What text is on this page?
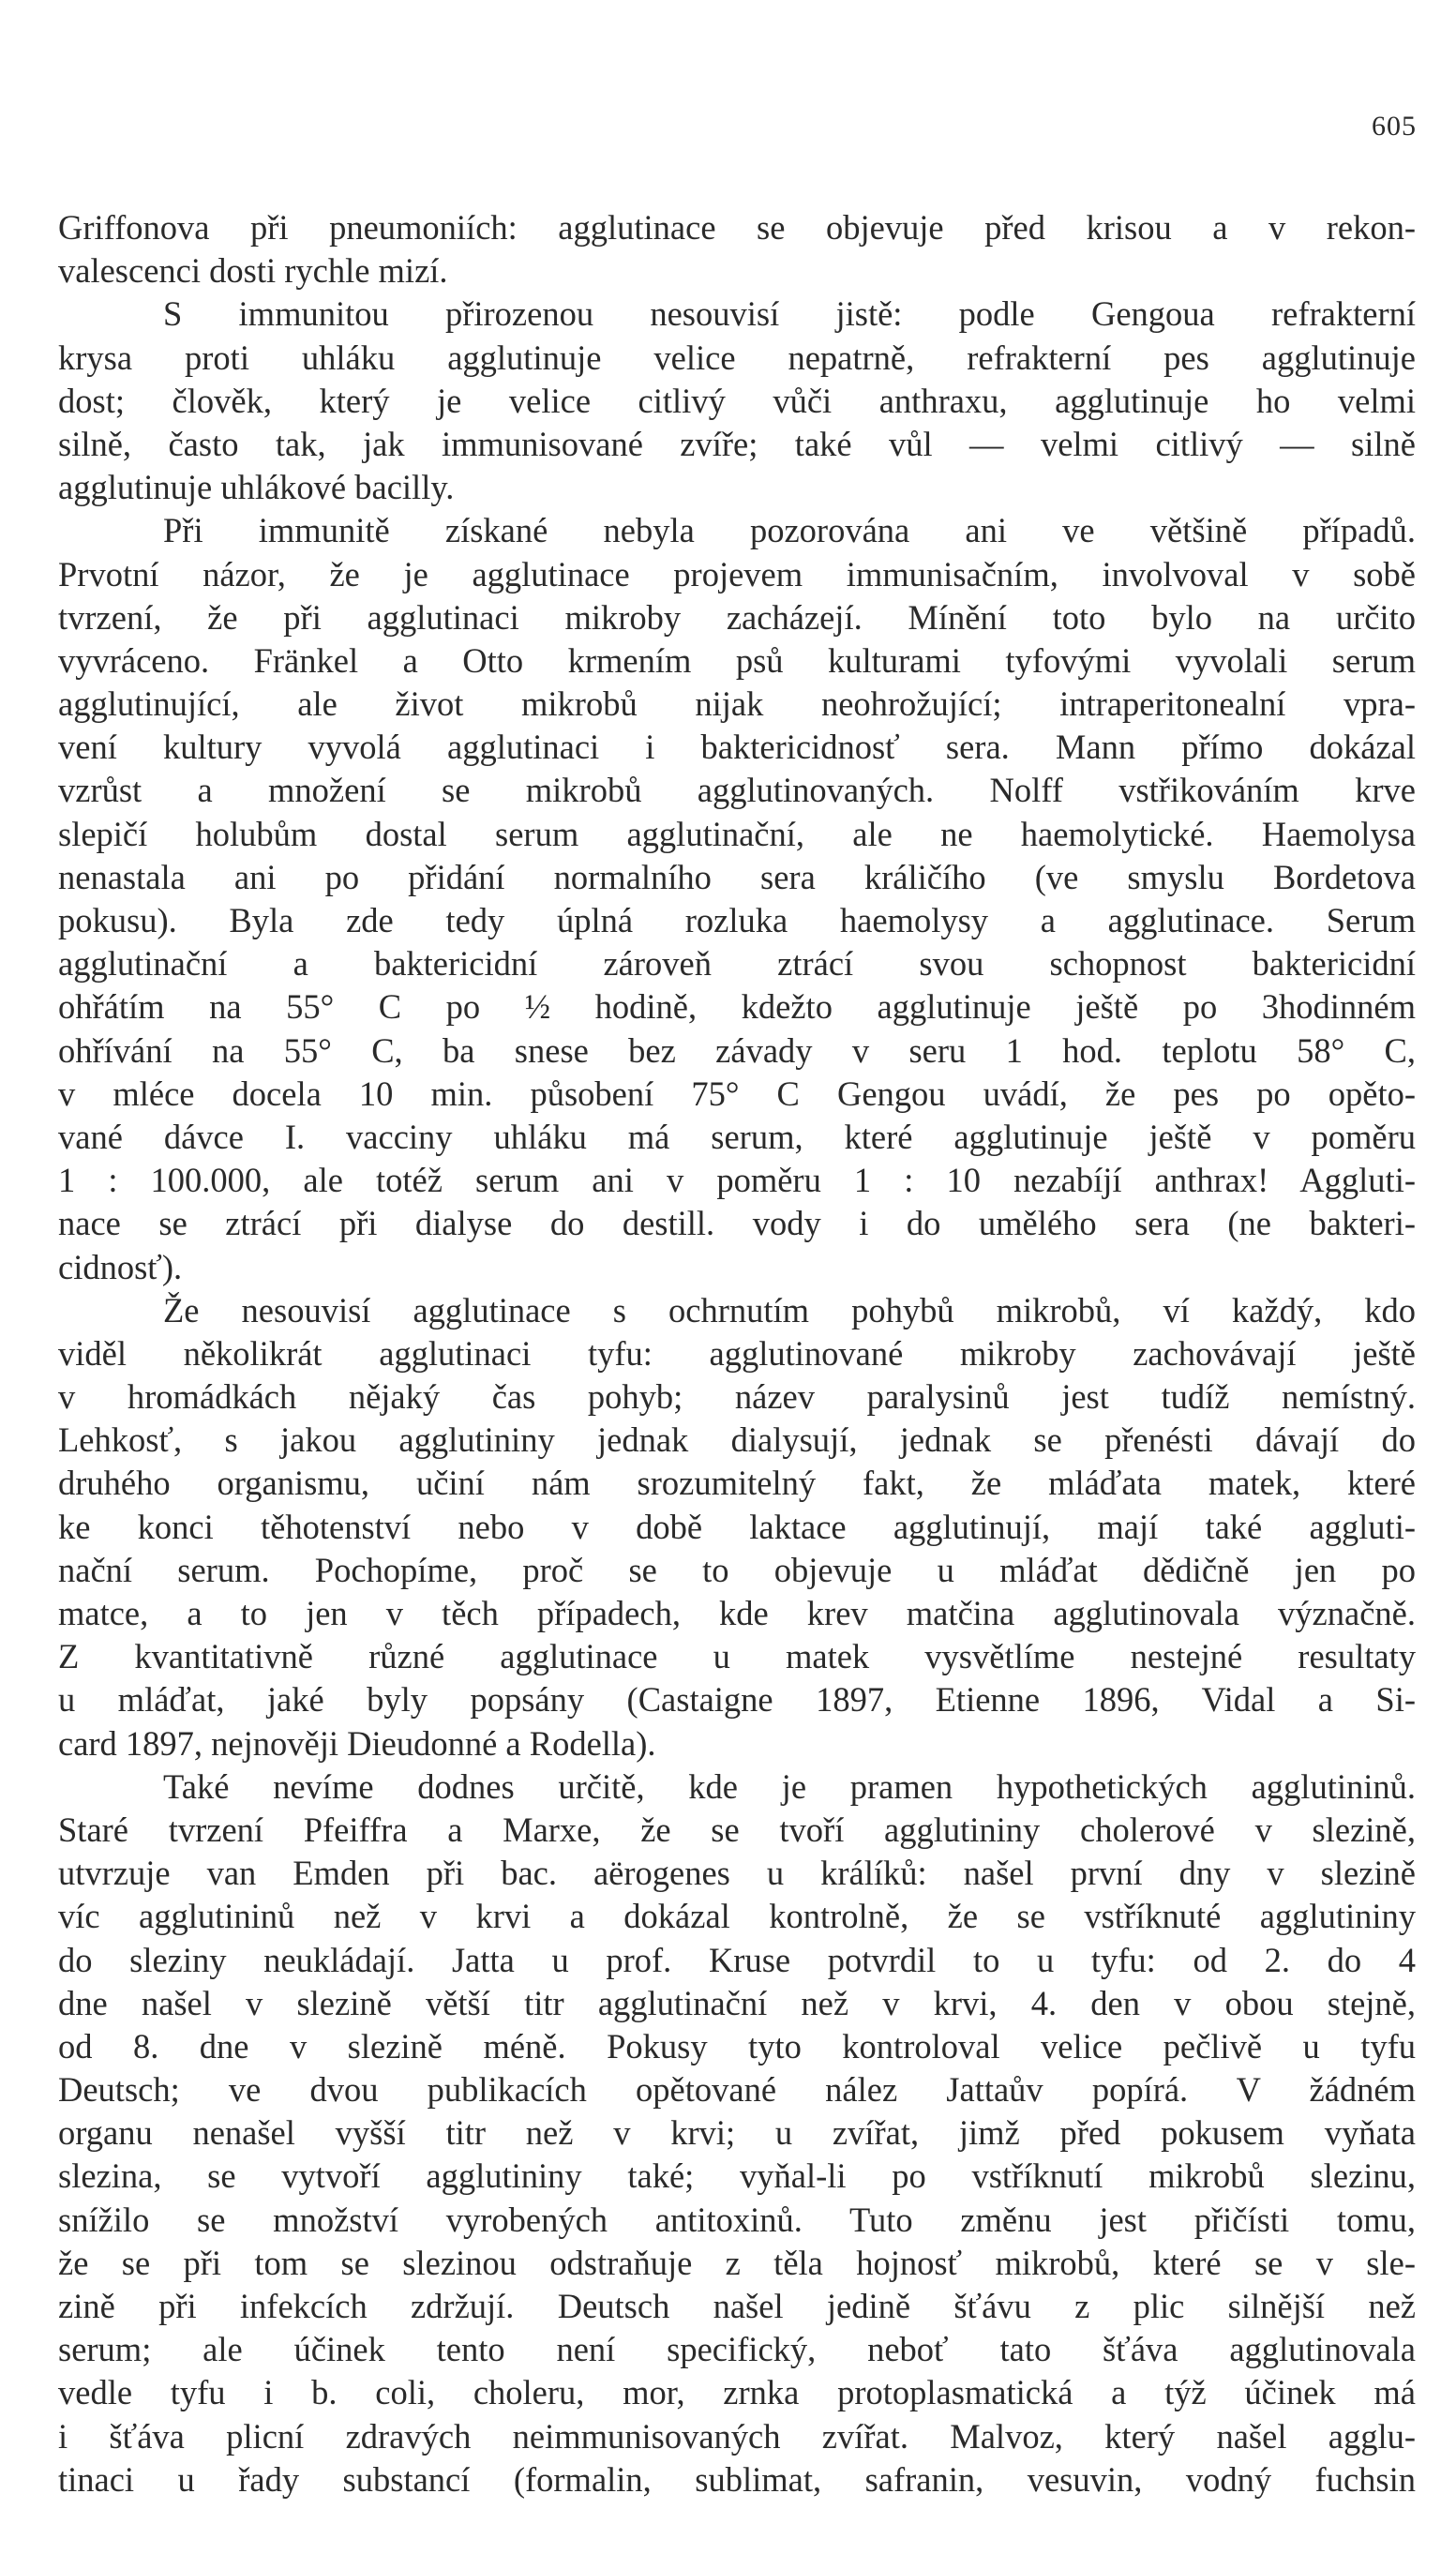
605
Griffonova při pneumoniích: agglutinace se objevuje před krisou a v rekon-
valescenci dosti rychle mizí.
S immunitou přirozenou nesouvisí jistě: podle Gengoua refrakterní
krysa proti uhláku agglutinuje velice nepatrně, refrakterní pes agglutinuje
dost; člověk, který je velice citlivý vůči anthraxu, agglutinuje ho velmi
silně, často tak, jak immunisované zvíře; také vůl — velmi citlivý — silně
agglutinuje uhlákové bacilly.
Při immunitě získané nebyla pozorována ani ve většině případů.
Prvotní názor, že je agglutinace projevem immunisačním, involvoval v sobě
tvrzení, že při agglutinaci mikroby zacházejí. Mínění toto bylo na určito
vyvráceno. Fränkel a Otto krmením psů kulturami tyfovými vyvolali serum
agglutinující, ale život mikrobů nijak neohrožující; intraperitonealní vpra-
vení kultury vyvolá agglutinaci i baktericidnosť sera. Mann přímo dokázal
vzrůst a množení se mikrobů agglutinovaných. Nolff vstřikováním krve
slepičí holubům dostal serum agglutinační, ale ne haemolytické. Haemolysa
nenastala ani po přidání normalního sera králičího (ve smyslu Bordetova
pokusu). Byla zde tedy úplná rozluka haemolysy a agglutinace. Serum
agglutinační a baktericidní zároveň ztrácí svou schopnost baktericidní
ohřátím na 55° C po ½ hodině, kdežto agglutinuje ještě po 3hodinném
ohřívání na 55° C, ba snese bez závady v seru 1 hod. teplotu 58° C,
v mléce docela 10 min. působení 75° C Gengou uvádí, že pes po opěto-
vané dávce I. vacciny uhláku má serum, které agglutinuje ještě v poměru
1 : 100.000, ale totéž serum ani v poměru 1 : 10 nezabíjí anthrax! Aggluti-
nace se ztrácí při dialyse do destill. vody i do umělého sera (ne bakteri-
cidnosť).
Že nesouvisí agglutinace s ochrnutím pohybů mikrobů, ví každý, kdo
viděl několikrát agglutinaci tyfu: agglutinované mikroby zachovávají ještě
v hromádkách nějaký čas pohyb; název paralysinů jest tudíž nemístný.
Lehkosť, s jakou agglutininy jednak dialysují, jednak se přenésti dávají do
druhého organismu, učiní nám srozumitelný fakt, že mláďata matek, které
ke konci těhotenství nebo v době laktace agglutinují, mají také aggluti-
nační serum. Pochopíme, proč se to objevuje u mláďat dědičně jen po
matce, a to jen v těch případech, kde krev matčina agglutinovala význačně.
Z kvantitativně různé agglutinace u matek vysvětlíme nestejné resultaty
u mláďat, jaké byly popsány (Castaigne 1897, Etienne 1896, Vidal a Si-
card 1897, nejnověji Dieudonné a Rodella).
Také nevíme dodnes určitě, kde je pramen hypothetických agglutininů.
Staré tvrzení Pfeiffra a Marxe, že se tvoří agglutininy cholerové v slezině,
utvrzuje van Emden při bac. aërogenes u králíků: našel první dny v slezině
víc agglutininů než v krvi a dokázal kontrolně, že se vstříknuté agglutininy
do sleziny neukládají. Jatta u prof. Kruse potvrdil to u tyfu: od 2. do 4
dne našel v slezině větší titr agglutinační než v krvi, 4. den v obou stejně,
od 8. dne v slezině méně. Pokusy tyto kontroloval velice pečlivě u tyfu
Deutsch; ve dvou publikacích opětované nález Jattaův popírá. V žádném
organu nenašel vyšší titr než v krvi; u zvířat, jimž před pokusem vyňata
slezina, se vytvoří agglutininy také; vyňal-li po vstříknutí mikrobů slezinu,
snížilo se množství vyrobených antitoxinů. Tuto změnu jest přičísti tomu,
že se při tom se slezinou odstraňuje z těla hojnosť mikrobů, které se v sle-
zině při infekcích zdržují. Deutsch našel jedině šťávu z plic silnější než
serum; ale účinek tento není specifický, neboť tato šťáva agglutinovala
vedle tyfu i b. coli, choleru, mor, zrnka protoplasmatická a týž účinek má
i šťáva plicní zdravých neimmunisovaných zvířat. Malvoz, který našel agglu-
tinaci u řady substancí (formalin, sublimat, safranin, vesuvin, vodný fuchsin
